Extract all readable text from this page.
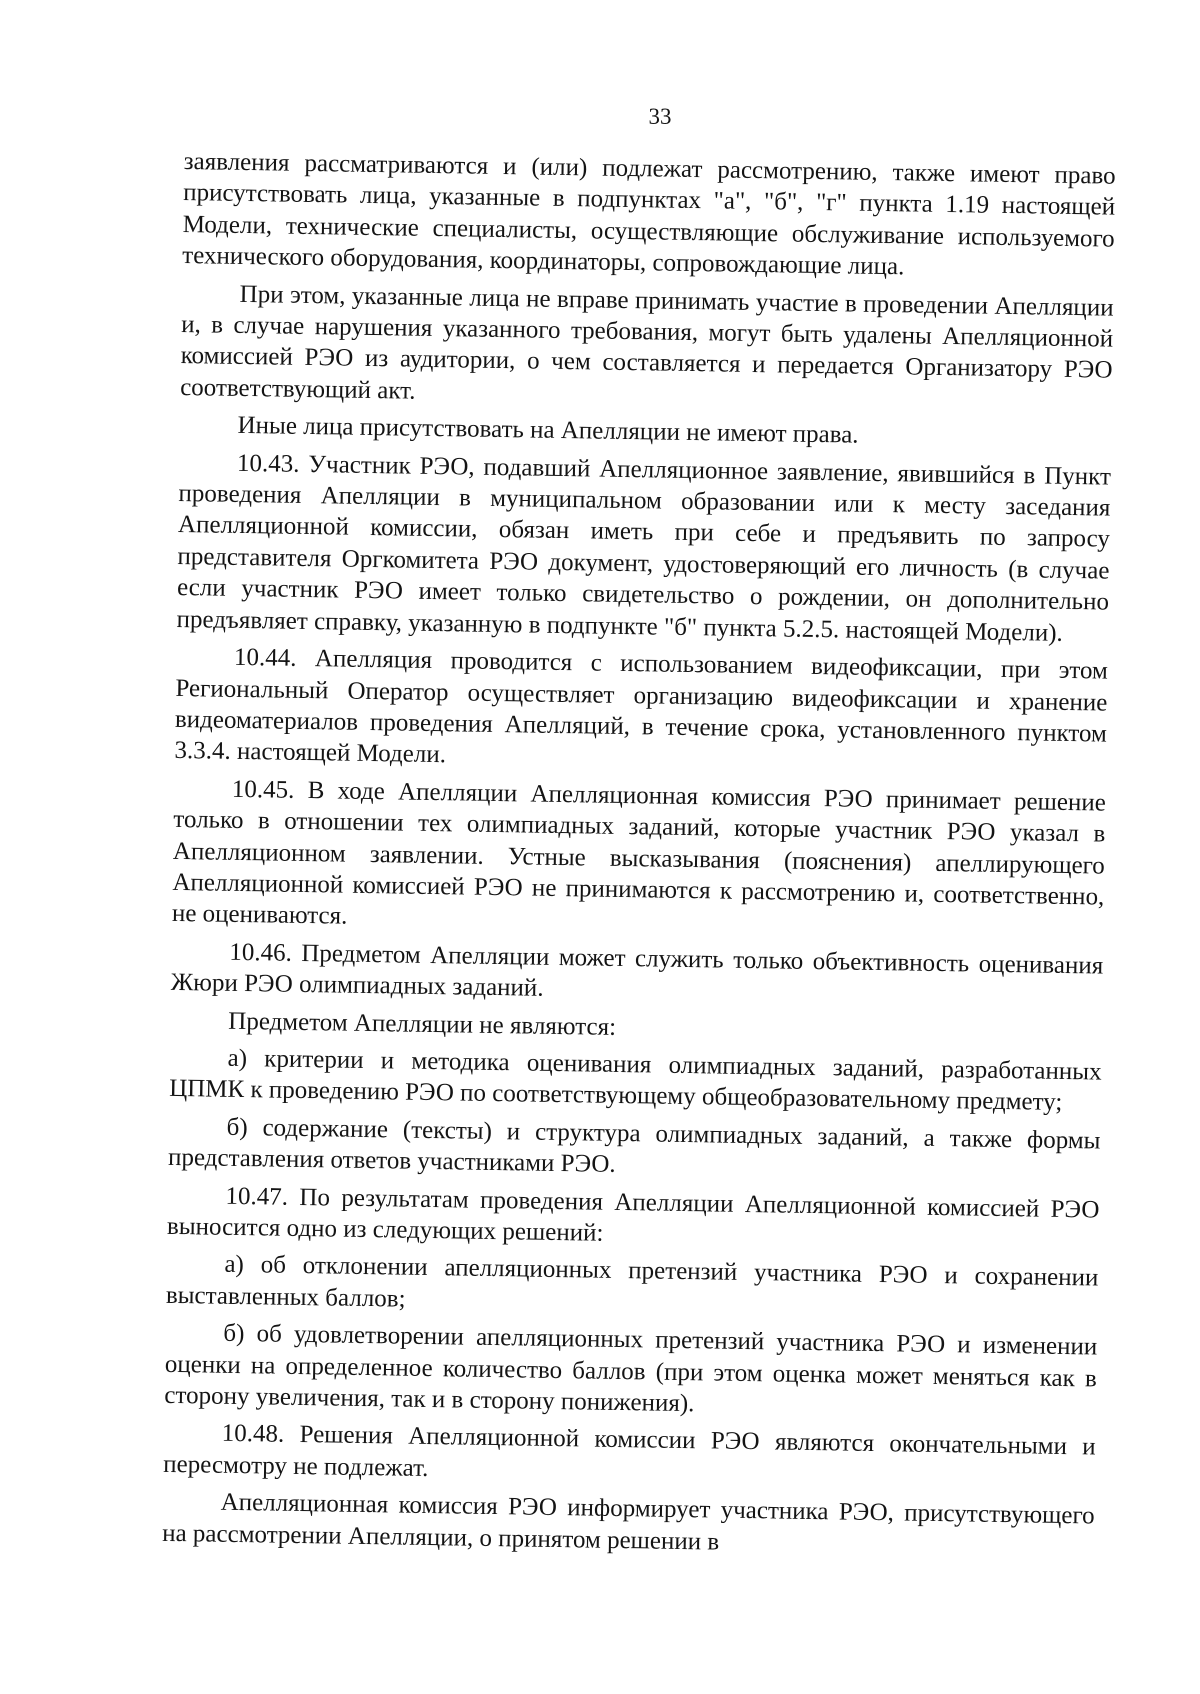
33

заявления рассматриваются и (или) подлежат рассмотрению, также имеют право присутствовать лица, указанные в подпунктах "а", "б", "г" пункта 1.19 настоящей Модели, технические специалисты, осуществляющие обслуживание используемого технического оборудования, координаторы, сопровождающие лица.

При этом, указанные лица не вправе принимать участие в проведении Апелляции и, в случае нарушения указанного требования, могут быть удалены Апелляционной комиссией РЭО из аудитории, о чем составляется и передается Организатору РЭО соответствующий акт.

Иные лица присутствовать на Апелляции не имеют права.

10.43. Участник РЭО, подавший Апелляционное заявление, явившийся в Пункт проведения Апелляции в муниципальном образовании или к месту заседания Апелляционной комиссии, обязан иметь при себе и предъявить по запросу представителя Оргкомитета РЭО документ, удостоверяющий его личность (в случае если участник РЭО имеет только свидетельство о рождении, он дополнительно предъявляет справку, указанную в подпункте "б" пункта 5.2.5. настоящей Модели).

10.44. Апелляция проводится с использованием видеофиксации, при этом Региональный Оператор осуществляет организацию видеофиксации и хранение видеоматериалов проведения Апелляций, в течение срока, установленного пунктом 3.3.4. настоящей Модели.

10.45. В ходе Апелляции Апелляционная комиссия РЭО принимает решение только в отношении тех олимпиадных заданий, которые участник РЭО указал в Апелляционном заявлении. Устные высказывания (пояснения) апеллирующего Апелляционной комиссией РЭО не принимаются к рассмотрению и, соответственно, не оцениваются.

10.46. Предметом Апелляции может служить только объективность оценивания Жюри РЭО олимпиадных заданий.

Предметом Апелляции не являются:

а) критерии и методика оценивания олимпиадных заданий, разработанных ЦПМК к проведению РЭО по соответствующему общеобразовательному предмету;

б) содержание (тексты) и структура олимпиадных заданий, а также формы представления ответов участниками РЭО.

10.47. По результатам проведения Апелляции Апелляционной комиссией РЭО выносится одно из следующих решений:

а) об отклонении апелляционных претензий участника РЭО и сохранении выставленных баллов;

б) об удовлетворении апелляционных претензий участника РЭО и изменении оценки на определенное количество баллов (при этом оценка может меняться как в сторону увеличения, так и в сторону понижения).

10.48. Решения Апелляционной комиссии РЭО являются окончательными и пересмотру не подлежат.

Апелляционная комиссия РЭО информирует участника РЭО, присутствующего на рассмотрении Апелляции, о принятом решении в
